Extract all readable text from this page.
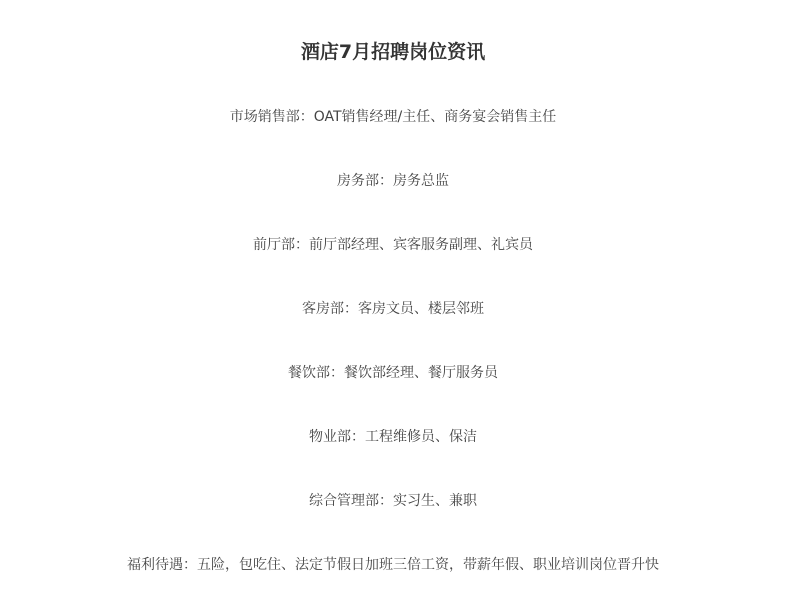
酒店7月招聘岗位资讯
市场销售部：OAT销售经理/主任、商务宴会销售主任
房务部：房务总监
前厅部：前厅部经理、宾客服务副理、礼宾员
客房部：客房文员、楼层邻班
餐饮部：餐饮部经理、餐厅服务员
物业部：工程维修员、保洁
综合管理部：实习生、兼职
福利待遇：五险，包吃住、法定节假日加班三倍工资，带薪年假、职业培训岗位晋升快
